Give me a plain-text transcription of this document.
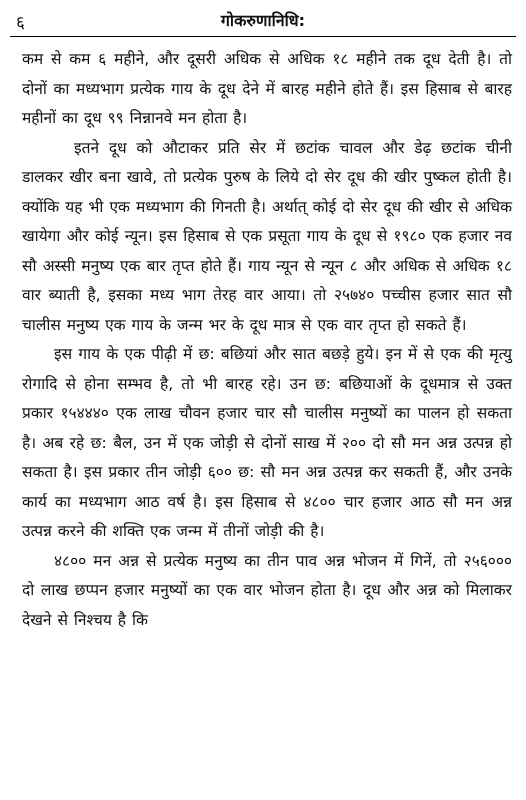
६	गोकरुणानिधि:

कम से कम ६ महीने, और दूसरी अधिक से अधिक १८ महीने तक दूध देती है। तो दोनों का मध्यभाग प्रत्येक गाय के दूध देने में बारह महीने होते हैं। इस हिसाब से बारह महीनों का दूध ९९ निन्नानवे मन होता है।

इतने दूध को औटाकर प्रति सेर में छटांक चावल और डेढ़ छटांक चीनी डालकर खीर बना खावे, तो प्रत्येक पुरुष के लिये दो सेर दूध की खीर पुष्कल होती है। क्योंकि यह भी एक मध्यभाग की गिनती है। अर्थात्‌ कोई दो सेर दूध की खीर से अधिक खायेगा और कोई न्यून। इस हिसाब से एक प्रसूता गाय के दूध से १९८० एक हजार नव सौ अस्सी मनुष्य एक बार तृप्त होते हैं। गाय न्यून से न्यून ८ और अधिक से अधिक १८ वार ब्याती है, इसका मध्य भाग तेरह वार आया। तो २५७४० पच्चीस हजार सात सौ चालीस मनुष्य एक गाय के जन्म भर के दूध मात्र से एक वार तृप्त हो सकते हैं।

इस गाय के एक पीढ़ी में छ: बछियां और सात बछड़े हुये। इन में से एक की मृत्यु रोगादि से होना सम्भव है, तो भी बारह रहे। उन छ: बछियाओं के दूधमात्र से उक्त प्रकार १५४४४० एक लाख चौवन हजार चार सौ चालीस मनुष्यों का पालन हो सकता है। अब रहे छ: बैल, उन में एक जोड़ी से दोनों साख में २०० दो सौ मन अन्न उत्पन्न हो सकता है। इस प्रकार तीन जोड़ी ६०० छ: सौ मन अन्न उत्पन्न कर सकती हैं, और उनके कार्य का मध्यभाग आठ वर्ष है। इस हिसाब से ४८०० चार हजार आठ सौ मन अन्न उत्पन्न करने की शक्ति एक जन्म में तीनों जोड़ी की है।

४८०० मन अन्न से प्रत्येक मनुष्य का तीन पाव अन्न भोजन में गिनें, तो २५६००० दो लाख छप्पन हजार मनुष्यों का एक वार भोजन होता है। दूध और अन्न को मिलाकर देखने से निश्चय है कि
